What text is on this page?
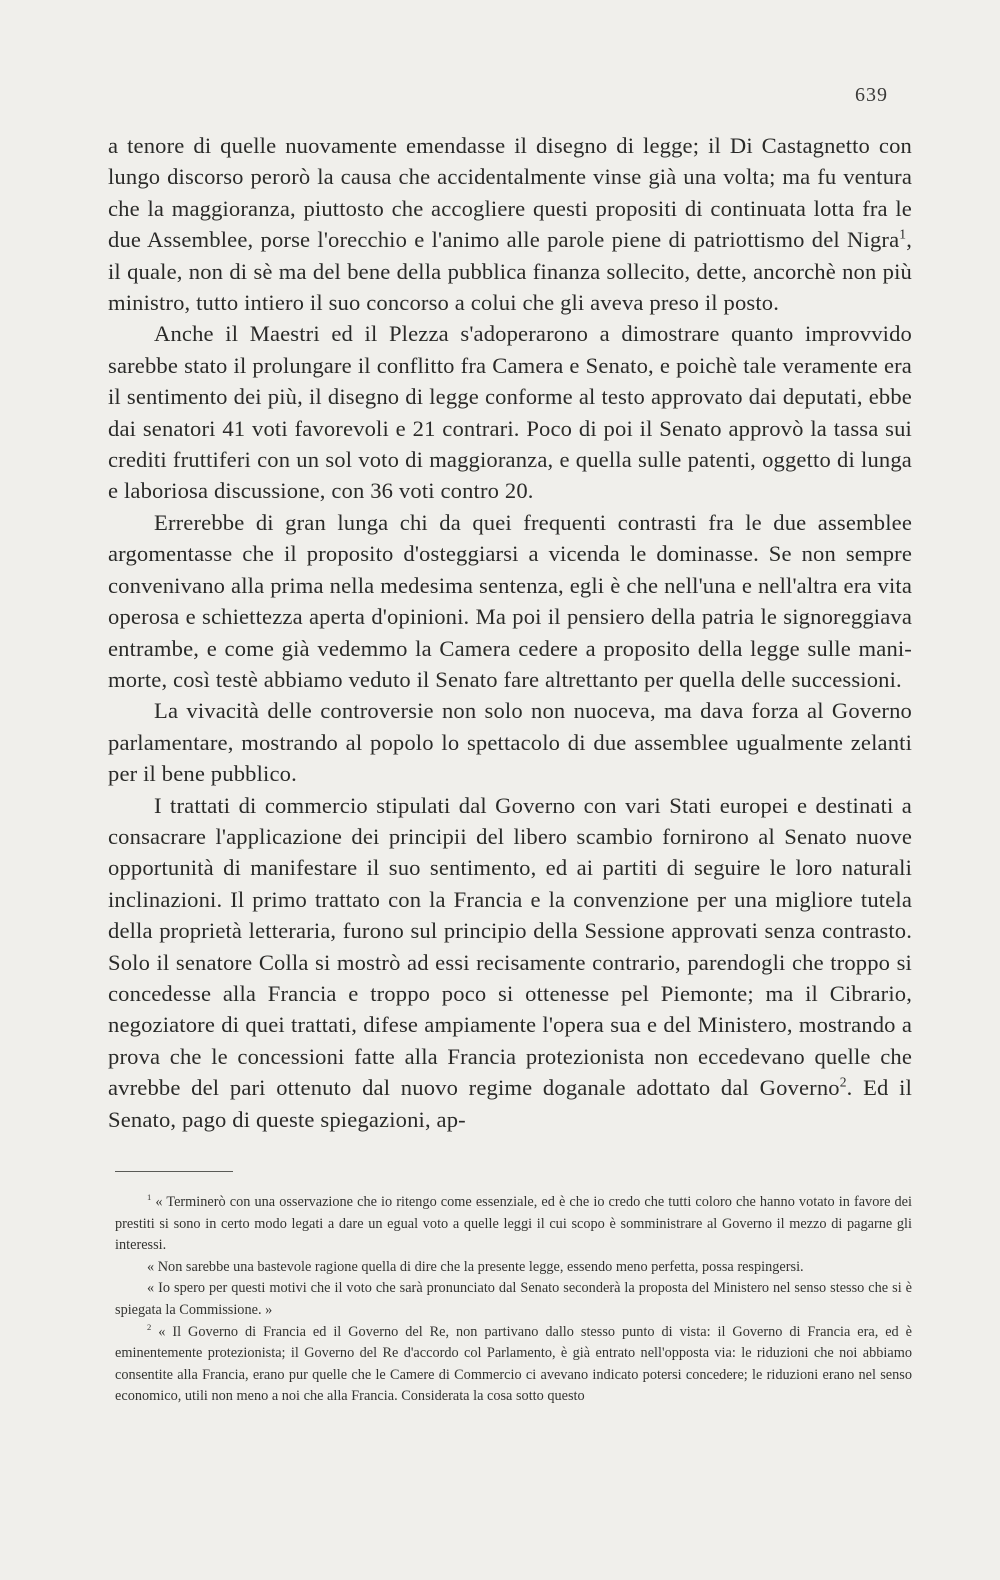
639

a tenore di quelle nuovamente emendasse il disegno di legge; il Di Castagnetto con lungo discorso perorò la causa che accidentalmente vinse già una volta; ma fu ventura che la maggioranza, piuttosto che accogliere questi propositi di continuata lotta fra le due Assemblee, porse l'orecchio e l'animo alle parole piene di patriottismo del Nigra$^1$, il quale, non di sè ma del bene della pubblica finanza sollecito, dette, ancorchè non più ministro, tutto intiero il suo concorso a colui che gli aveva preso il posto.

Anche il Maestri ed il Plezza s'adoperarono a dimostrare quanto improvvido sarebbe stato il prolungare il conflitto fra Camera e Senato, e poichè tale veramente era il sentimento dei più, il disegno di legge conforme al testo approvato dai deputati, ebbe dai senatori 41 voti favorevoli e 21 contrari. Poco di poi il Senato approvò la tassa sui crediti fruttiferi con un sol voto di maggioranza, e quella sulle patenti, oggetto di lunga e laboriosa discussione, con 36 voti contro 20.

Errerebbe di gran lunga chi da quei frequenti contrasti fra le due assemblee argomentasse che il proposito d'osteggiarsi a vicenda le dominasse. Se non sempre convenivano alla prima nella medesima sentenza, egli è che nell'una e nell'altra era vita operosa e schiettezza aperta d'opinioni. Ma poi il pensiero della patria le signoreggiava entrambe, e come già vedemmo la Camera cedere a proposito della legge sulle mani-morte, così testè abbiamo veduto il Senato fare altrettanto per quella delle successioni.

La vivacità delle controversie non solo non nuoceva, ma dava forza al Governo parlamentare, mostrando al popolo lo spettacolo di due assemblee ugualmente zelanti per il bene pubblico.

I trattati di commercio stipulati dal Governo con vari Stati europei e destinati a consacrare l'applicazione dei principii del libero scambio fornirono al Senato nuove opportunità di manifestare il suo sentimento, ed ai partiti di seguire le loro naturali inclinazioni. Il primo trattato con la Francia e la convenzione per una migliore tutela della proprietà letteraria, furono sul principio della Sessione approvati senza contrasto. Solo il senatore Colla si mostrò ad essi recisamente contrario, parendogli che troppo si concedesse alla Francia e troppo poco si ottenesse pel Piemonte; ma il Cibrario, negoziatore di quei trattati, difese ampiamente l'opera sua e del Ministero, mostrando a prova che le concessioni fatte alla Francia protezionista non eccedevano quelle che avrebbe del pari ottenuto dal nuovo regime doganale adottato dal Governo$^2$. Ed il Senato, pago di queste spiegazioni, ap-

$^1$ « Terminerò con una osservazione che io ritengo come essenziale, ed è che io credo che tutti coloro che hanno votato in favore dei prestiti si sono in certo modo legati a dare un egual voto a quelle leggi il cui scopo è somministrare al Governo il mezzo di pagarne gli interessi.

« Non sarebbe una bastevole ragione quella di dire che la presente legge, essendo meno perfetta, possa respingersi.

« Io spero per questi motivi che il voto che sarà pronunciato dal Senato seconderà la proposta del Ministero nel senso stesso che si è spiegata la Commissione. »

$^2$ « Il Governo di Francia ed il Governo del Re, non partivano dallo stesso punto di vista: il Governo di Francia era, ed è eminentemente protezionista; il Governo del Re d'accordo col Parlamento, è già entrato nell'opposta via: le riduzioni che noi abbiamo consentite alla Francia, erano pur quelle che le Camere di Commercio ci avevano indicato potersi concedere; le riduzioni erano nel senso economico, utili non meno a noi che alla Francia. Considerata la cosa sotto questo
